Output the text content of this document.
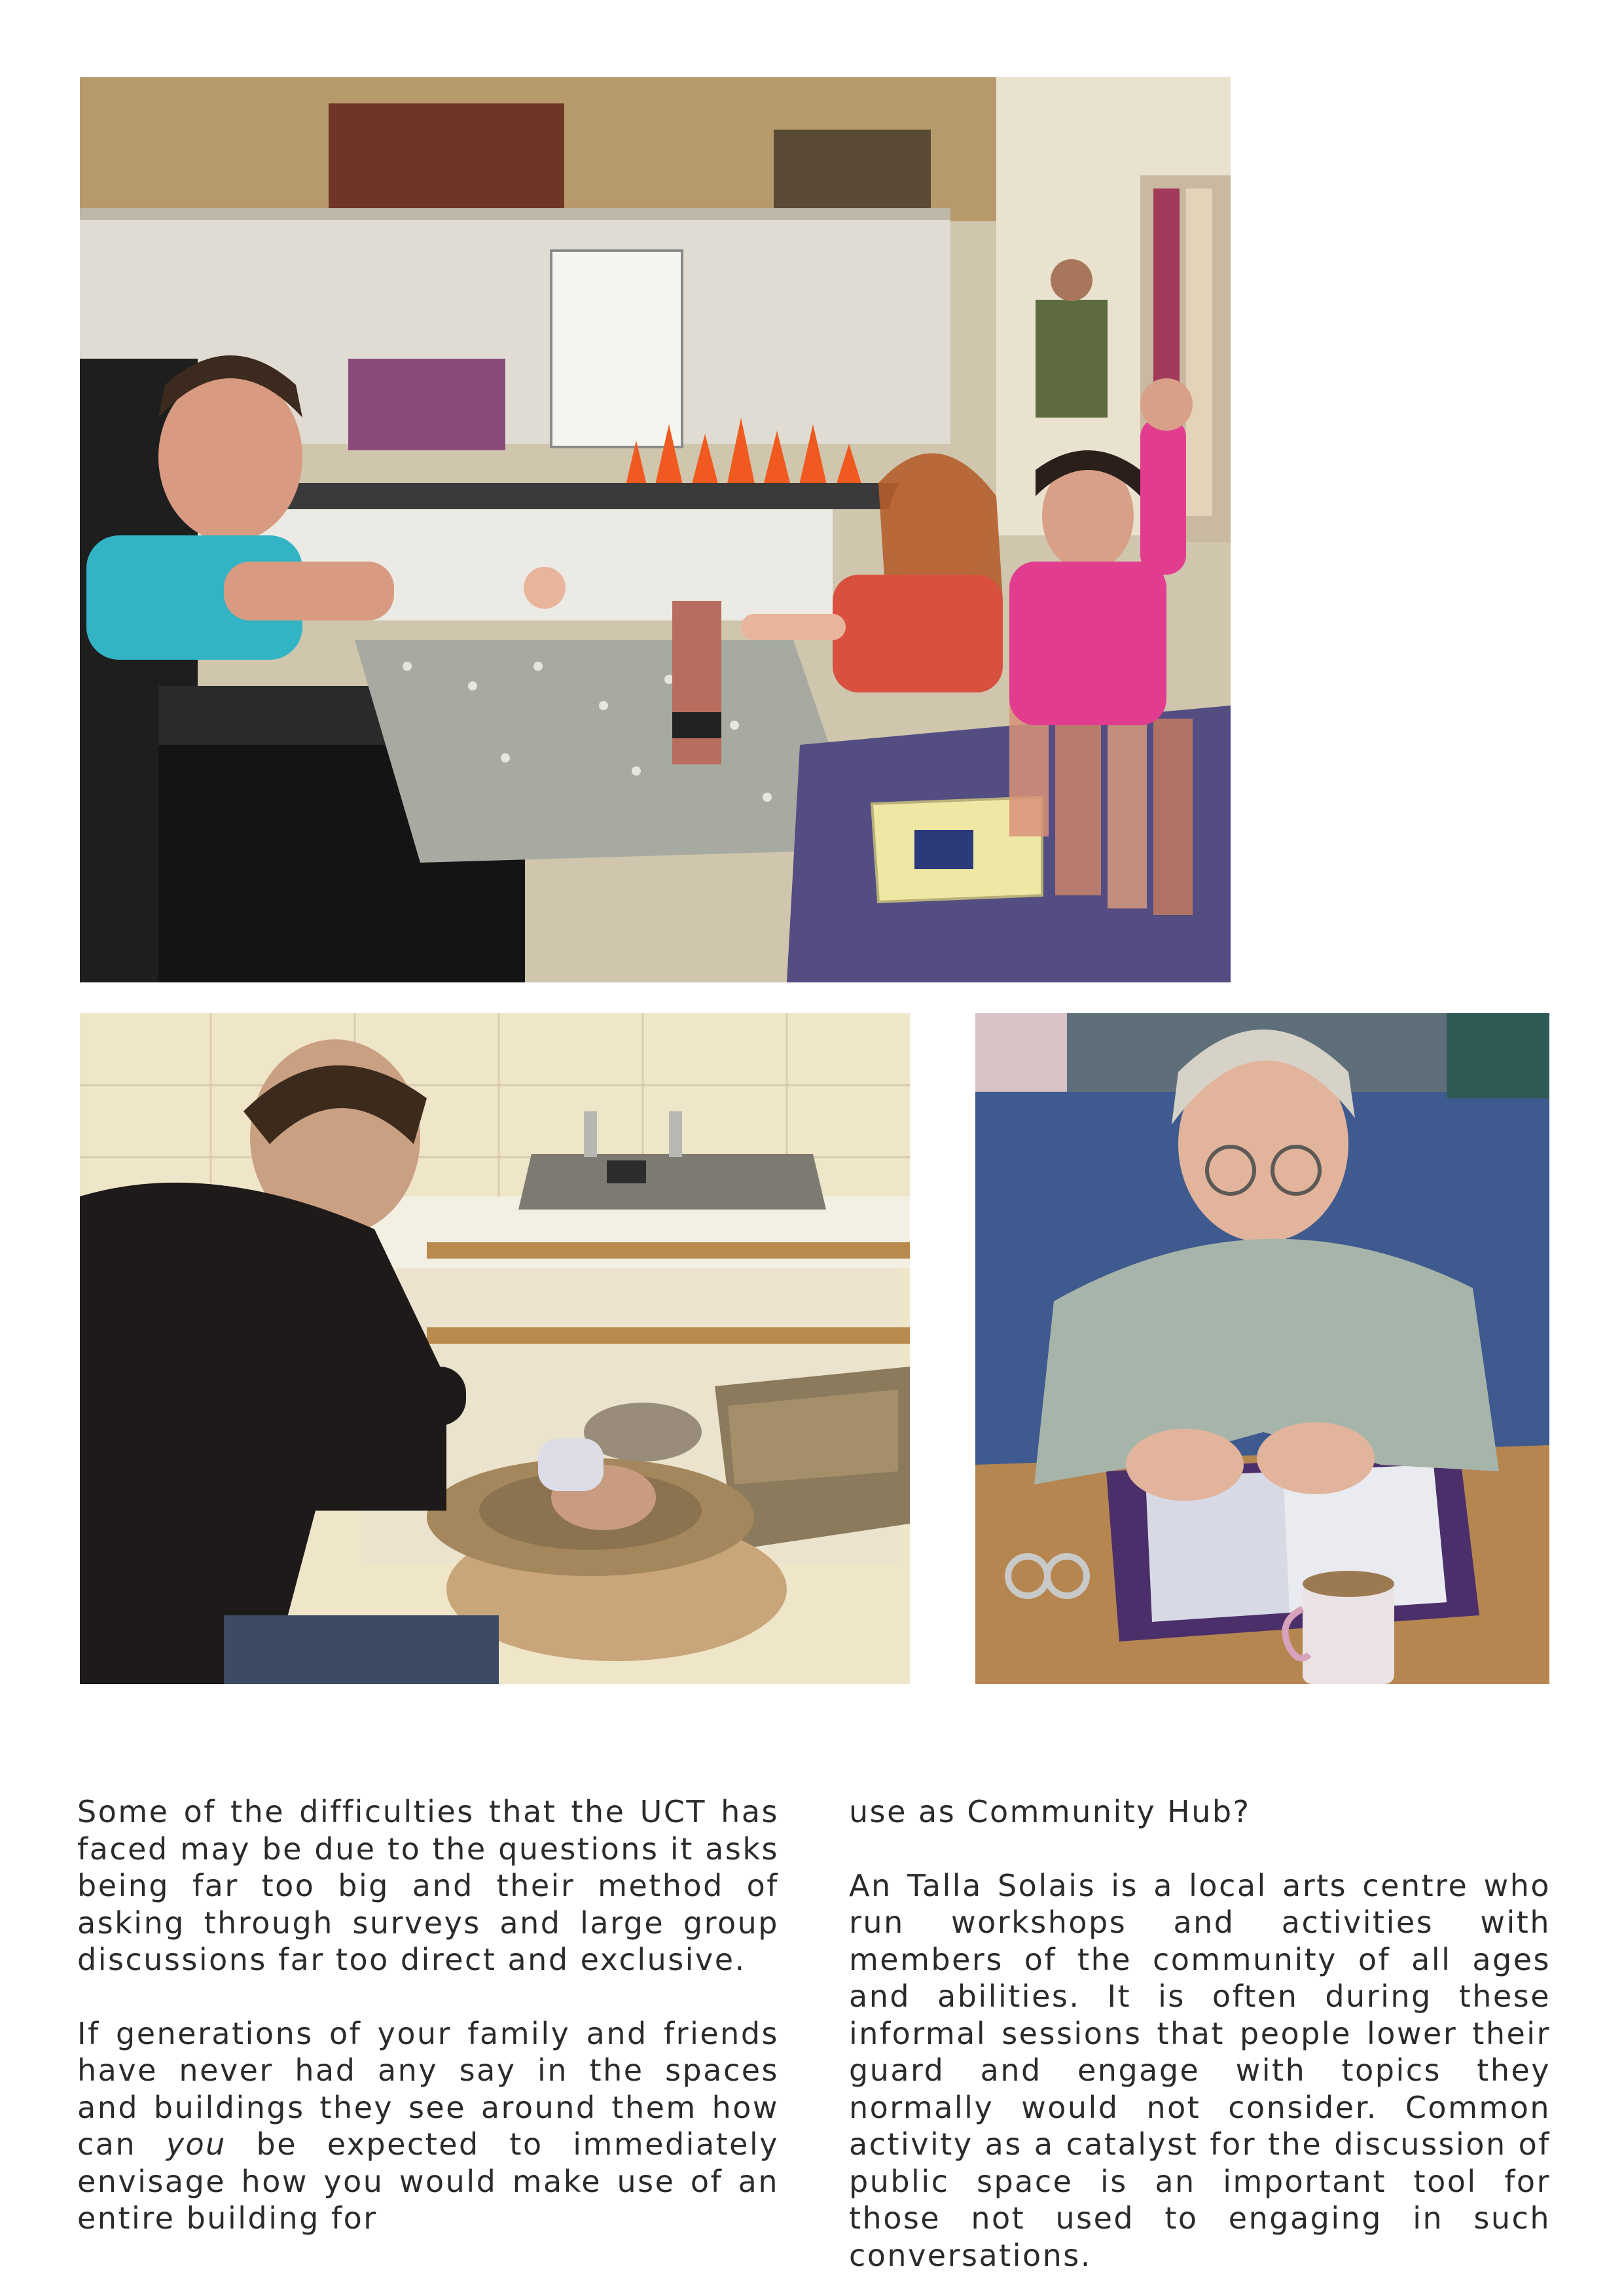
Some of the difficulties that the UCT has faced may be due to the questions it asks being far too big and their method of asking through surveys and large group discussions far too direct and exclusive.

If generations of your family and friends have never had any say in the spaces and buildings they see around them how can you be expected to immediately envisage how you would make use of an entire building for

use as Community Hub?

An Talla Solais is a local arts centre who run workshops and activities with members of the community of all ages and abilities. It is often during these informal sessions that people lower their guard and engage with topics they normally would not consider. Common activity as a catalyst for the discussion of public space is an important tool for those not used to engaging in such conversations.
